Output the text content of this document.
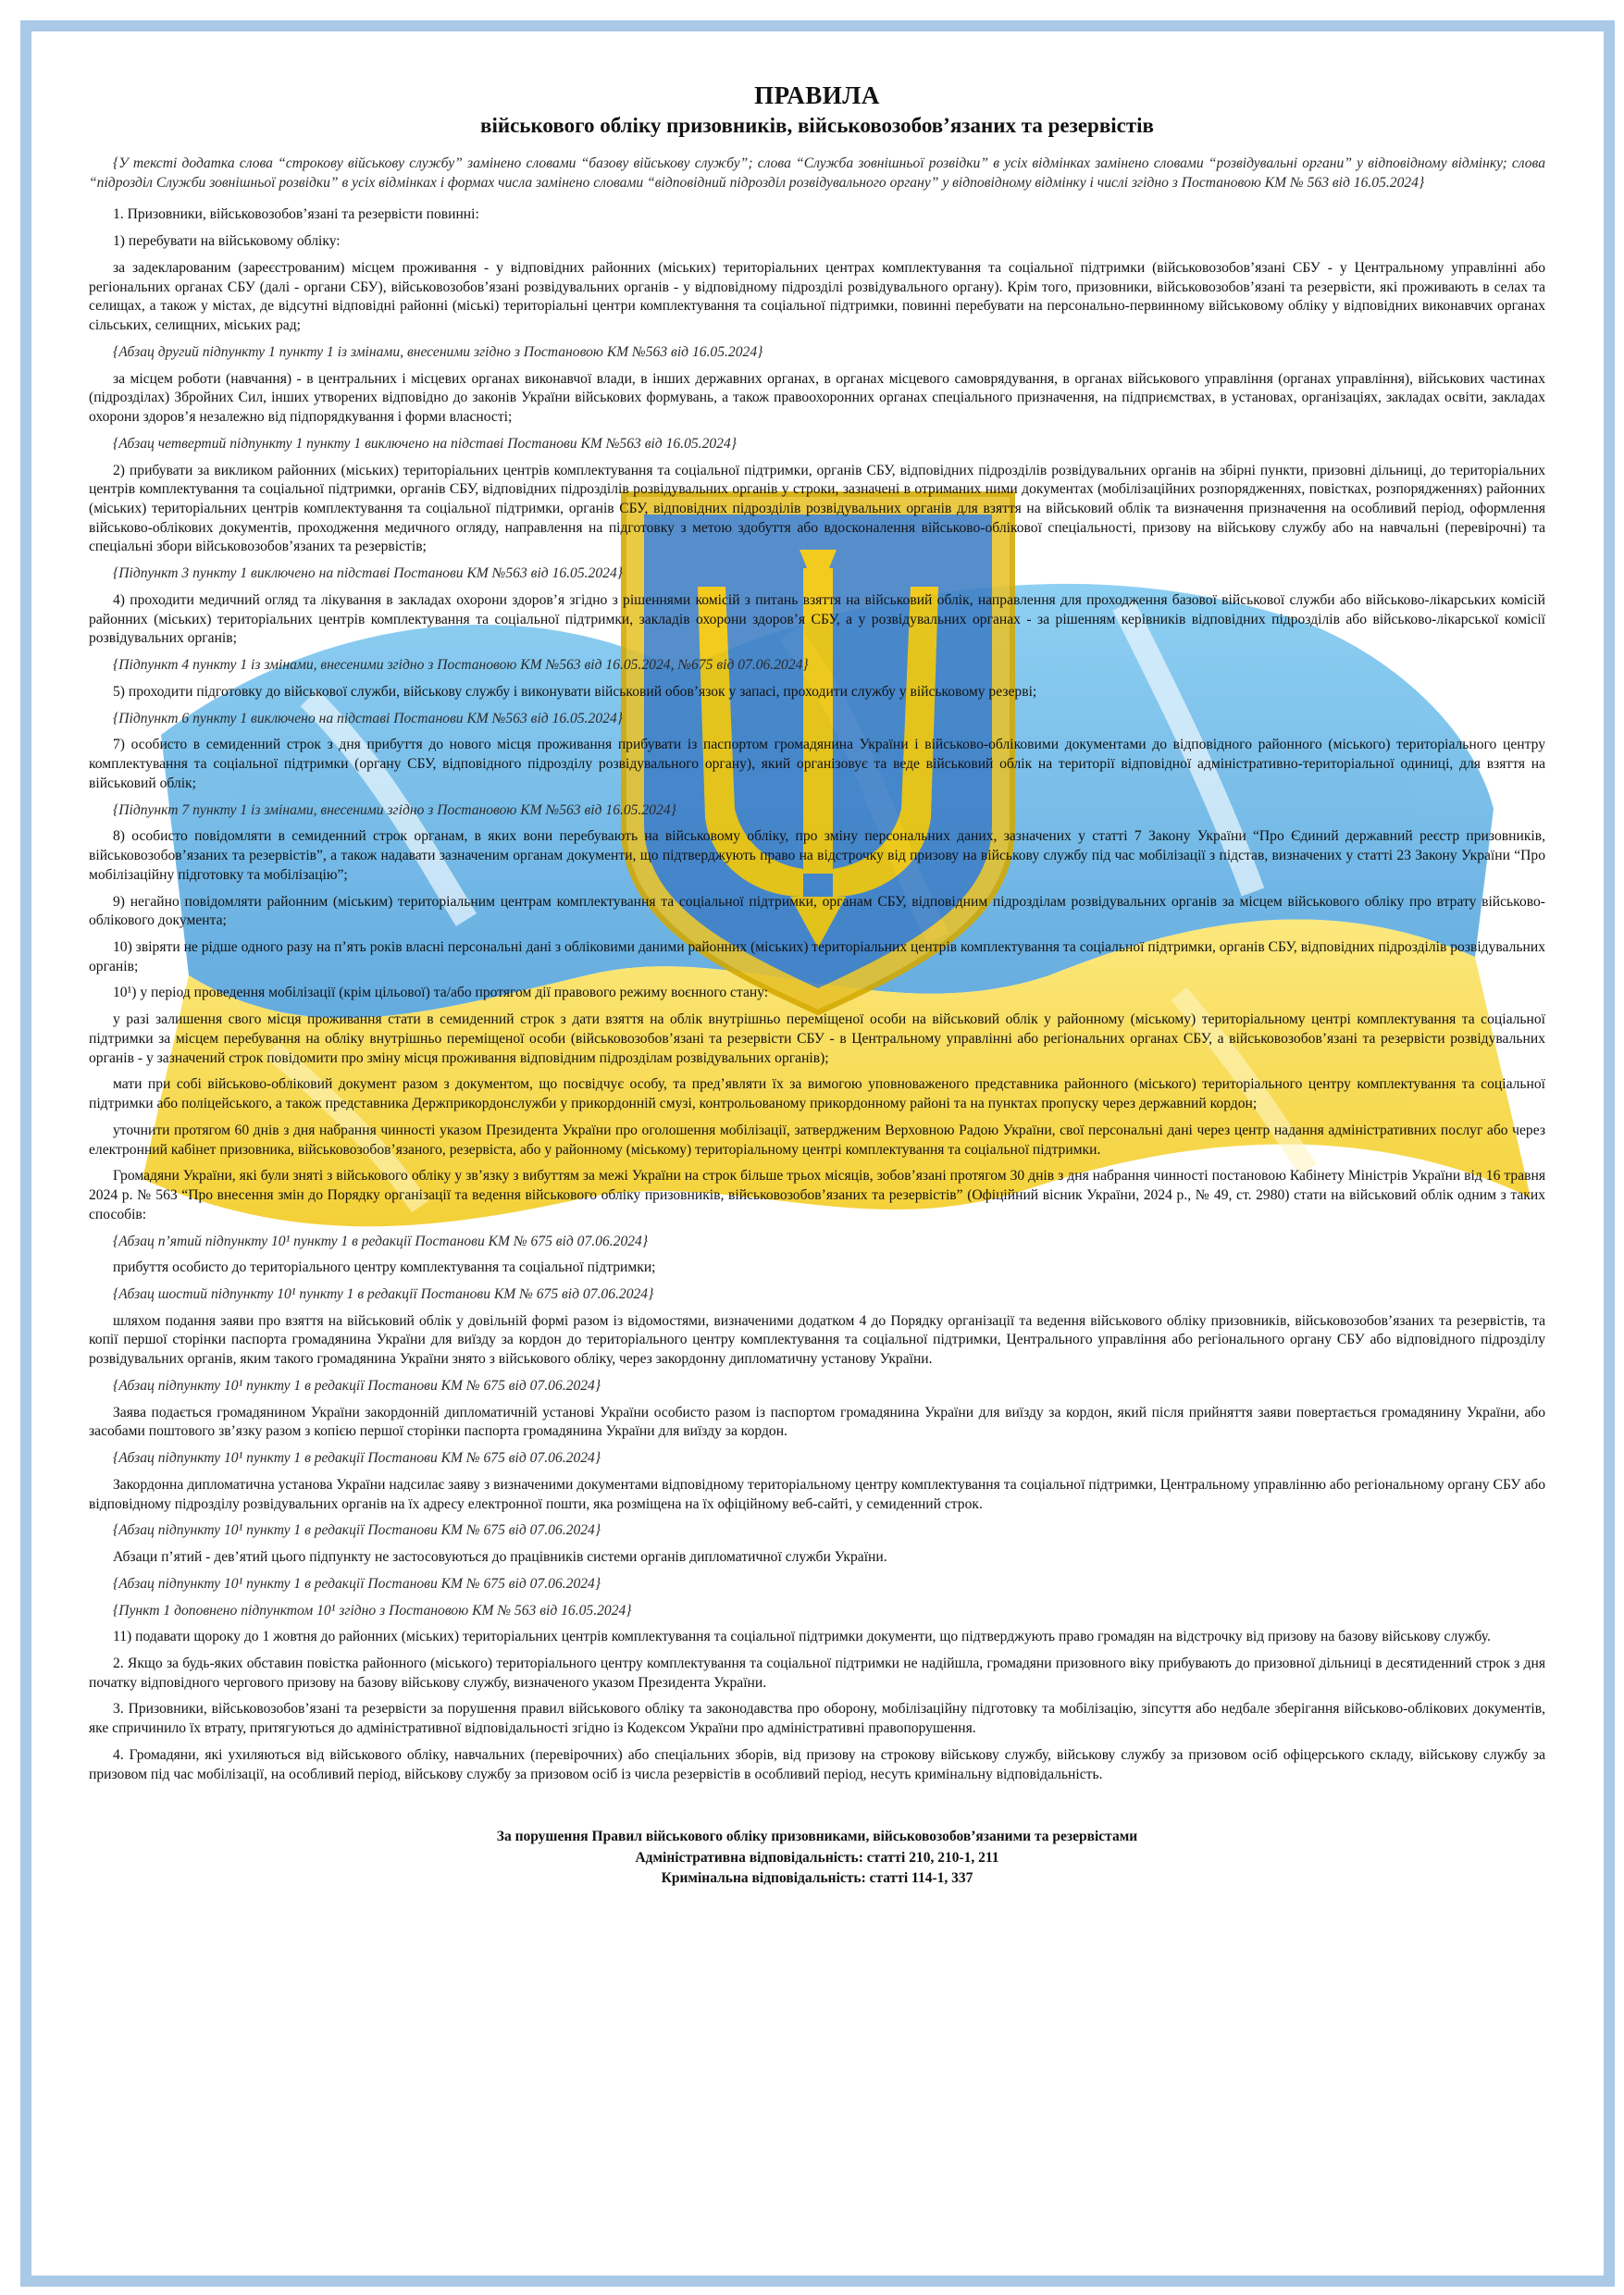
ПРАВИЛА
військового обліку призовників, військовозобов’язаних та резервістів

{У тексті додатка слова “строкову військову службу” замінено словами “базову військову службу”; слова “Служба зовнішньої розвідки” в усіх відмінках замінено словами “розвідувальні органи” у відповідному відмінку; слова “підрозділ Служби зовнішньої розвідки” в усіх відмінках і формах числа замінено словами “відповідний підрозділ розвідувального органу” у відповідному відмінку і числі згідно з Постановою КМ № 563 від 16.05.2024}

1. Призовники, військовозобов’язані та резервісти повинні:

1) перебувати на військовому обліку:

за задекларованим (зареєстрованим) місцем проживання - у відповідних районних (міських) територіальних центрах комплектування та соціальної підтримки (військовозобов’язані СБУ - у Центральному управлінні або регіональних органах СБУ (далі - органи СБУ), військовозобов’язані розвідувальних органів - у відповідному підрозділі розвідувального органу). Крім того, призовники, військовозобов’язані та резервісти, які проживають в селах та селищах, а також у містах, де відсутні відповідні районні (міські) територіальні центри комплектування та соціальної підтримки, повинні перебувати на персонально-первинному військовому обліку у відповідних виконавчих органах сільських, селищних, міських рад;

{Абзац другий підпункту 1 пункту 1 із змінами, внесеними згідно з Постановою КМ №563 від 16.05.2024}

за місцем роботи (навчання) - в центральних і місцевих органах виконавчої влади, в інших державних органах, в органах місцевого самоврядування, в органах військового управління (органах управління), військових частинах (підрозділах) Збройних Сил, інших утворених відповідно до законів України військових формувань, а також правоохоронних органах спеціального призначення, на підприємствах, в установах, організаціях, закладах освіти, закладах охорони здоров’я незалежно від підпорядкування і форми власності;

{Абзац четвертий підпункту 1 пункту 1 виключено на підставі Постанови КМ №563 від 16.05.2024}

2) прибувати за викликом районних (міських) територіальних центрів комплектування та соціальної підтримки, органів СБУ, відповідних підрозділів розвідувальних органів на збірні пункти, призовні дільниці, до територіальних центрів комплектування та соціальної підтримки, органів СБУ, відповідних підрозділів розвідувальних органів у строки, зазначені в отриманих ними документах (мобілізаційних розпорядженнях, повістках, розпорядженнях) районних (міських) територіальних центрів комплектування та соціальної підтримки, органів СБУ, відповідних підрозділів розвідувальних органів для взяття на військовий облік та визначення призначення на особливий період, оформлення військово-облікових документів, проходження медичного огляду, направлення на підготовку з метою здобуття або вдосконалення військово-облікової спеціальності, призову на військову службу або на навчальні (перевірочні) та спеціальні збори військовозобов’язаних та резервістів;

{Підпункт 3 пункту 1 виключено на підставі Постанови КМ №563 від 16.05.2024}

4) проходити медичний огляд та лікування в закладах охорони здоров’я згідно з рішеннями комісій з питань взяття на військовий облік, направлення для проходження базової військової служби або військово-лікарських комісій районних (міських) територіальних центрів комплектування та соціальної підтримки, закладів охорони здоров’я СБУ, а у розвідувальних органах - за рішенням керівників відповідних підрозділів або військово-лікарської комісії розвідувальних органів;

{Підпункт 4 пункту 1 із змінами, внесеними згідно з Постановою КМ №563 від 16.05.2024, №675 від 07.06.2024}

5) проходити підготовку до військової служби, військову службу і виконувати військовий обов’язок у запасі, проходити службу у військовому резерві;

{Підпункт 6 пункту 1 виключено на підставі Постанови КМ №563 від 16.05.2024}

7) особисто в семиденний строк з дня прибуття до нового місця проживання прибувати із паспортом громадянина України і військово-обліковими документами до відповідного районного (міського) територіального центру комплектування та соціальної підтримки (органу СБУ, відповідного підрозділу розвідувального органу), який організовує та веде військовий облік на території відповідної адміністративно-територіальної одиниці, для взяття на військовий облік;

{Підпункт 7 пункту 1 із змінами, внесеними згідно з Постановою КМ №563 від 16.05.2024}

8) особисто повідомляти в семиденний строк органам, в яких вони перебувають на військовому обліку, про зміну персональних даних, зазначених у статті 7 Закону України “Про Єдиний державний реєстр призовників, військовозобов’язаних та резервістів”, а також надавати зазначеним органам документи, що підтверджують право на відстрочку від призову на військову службу під час мобілізації з підстав, визначених у статті 23 Закону України “Про мобілізаційну підготовку та мобілізацію”;

9) негайно повідомляти районним (міським) територіальним центрам комплектування та соціальної підтримки, органам СБУ, відповідним підрозділам розвідувальних органів за місцем військового обліку про втрату військово-облікового документа;

10) звіряти не рідше одного разу на п’ять років власні персональні дані з обліковими даними районних (міських) територіальних центрів комплектування та соціальної підтримки, органів СБУ, відповідних підрозділів розвідувальних органів;

10¹) у період проведення мобілізації (крім цільової) та/або протягом дії правового режиму воєнного стану:

у разі залишення свого місця проживання стати в семиденний строк з дати взяття на облік внутрішньо переміщеної особи на військовий облік у районному (міському) територіальному центрі комплектування та соціальної підтримки за місцем перебування на обліку внутрішньо переміщеної особи (військовозобов’язані та резервісти СБУ - в Центральному управлінні або регіональних органах СБУ, а військовозобов’язані та резервісти розвідувальних органів - у зазначений строк повідомити про зміну місця проживання відповідним підрозділам розвідувальних органів);

мати при собі військово-обліковий документ разом з документом, що посвідчує особу, та пред’являти їх за вимогою уповноваженого представника районного (міського) територіального центру комплектування та соціальної підтримки або поліцейського, а також представника Держприкордонслужби у прикордонній смузі, контрольованому прикордонному районі та на пунктах пропуску через державний кордон;

уточнити протягом 60 днів з дня набрання чинності указом Президента України про оголошення мобілізації, затвердженим Верховною Радою України, свої персональні дані через центр надання адміністративних послуг або через електронний кабінет призовника, військовозобов’язаного, резервіста, або у районному (міському) територіальному центрі комплектування та соціальної підтримки.

Громадяни України, які були зняті з військового обліку у зв’язку з вибуттям за межі України на строк більше трьох місяців, зобов’язані протягом 30 днів з дня набрання чинності постановою Кабінету Міністрів України від 16 травня 2024 р. № 563 “Про внесення змін до Порядку організації та ведення військового обліку призовників, військовозобов’язаних та резервістів” (Офіційний вісник України, 2024 р., № 49, ст. 2980) стати на військовий облік одним з таких способів:

{Абзац п’ятий підпункту 10¹ пункту 1 в редакції Постанови КМ № 675 від 07.06.2024}

прибуття особисто до територіального центру комплектування та соціальної підтримки;

{Абзац шостий підпункту 10¹ пункту 1 в редакції Постанови КМ № 675 від 07.06.2024}

шляхом подання заяви про взяття на військовий облік у довільній формі разом із відомостями, визначеними додатком 4 до Порядку організації та ведення військового обліку призовників, військовозобов’язаних та резервістів, та копії першої сторінки паспорта громадянина України для виїзду за кордон до територіального центру комплектування та соціальної підтримки, Центрального управління або регіонального органу СБУ або відповідного підрозділу розвідувальних органів, яким такого громадянина України знято з військового обліку, через закордонну дипломатичну установу України.

{Абзац підпункту 10¹ пункту 1 в редакції Постанови КМ № 675 від 07.06.2024}

Заява подається громадянином України закордонній дипломатичній установі України особисто разом із паспортом громадянина України для виїзду за кордон, який після прийняття заяви повертається громадянину України, або засобами поштового зв’язку разом з копією першої сторінки паспорта громадянина України для виїзду за кордон.

{Абзац підпункту 10¹ пункту 1 в редакції Постанови КМ № 675 від 07.06.2024}

Закордонна дипломатична установа України надсилає заяву з визначеними документами відповідному територіальному центру комплектування та соціальної підтримки, Центральному управлінню або регіональному органу СБУ або відповідному підрозділу розвідувальних органів на їх адресу електронної пошти, яка розміщена на їх офіційному веб-сайті, у семиденний строк.

{Абзац підпункту 10¹ пункту 1 в редакції Постанови КМ № 675 від 07.06.2024}

Абзаци п’ятий - дев’ятий цього підпункту не застосовуються до працівників системи органів дипломатичної служби України.

{Абзац підпункту 10¹ пункту 1 в редакції Постанови КМ № 675 від 07.06.2024}

{Пункт 1 доповнено підпунктом 10¹ згідно з Постановою КМ № 563 від 16.05.2024}

11) подавати щороку до 1 жовтня до районних (міських) територіальних центрів комплектування та соціальної підтримки документи, що підтверджують право громадян на відстрочку від призову на базову військову службу.

2. Якщо за будь-яких обставин повістка районного (міського) територіального центру комплектування та соціальної підтримки не надійшла, громадяни призовного віку прибувають до призовної дільниці в десятиденний строк з дня початку відповідного чергового призову на базову військову службу, визначеного указом Президента України.

3. Призовники, військовозобов’язані та резервісти за порушення правил військового обліку та законодавства про оборону, мобілізаційну підготовку та мобілізацію, зіпсуття або недбале зберігання військово-облікових документів, яке спричинило їх втрату, притягуються до адміністративної відповідальності згідно із Кодексом України про адміністративні правопорушення.

4. Громадяни, які ухиляються від військового обліку, навчальних (перевірочних) або спеціальних зборів, від призову на строкову військову службу, військову службу за призовом осіб офіцерського складу, військову службу за призовом під час мобілізації, на особливий період, військову службу за призовом осіб із числа резервістів в особливий період, несуть кримінальну відповідальність.

За порушення Правил військового обліку призовниками, військовозобов’язаними та резервістами
Адміністративна відповідальність: статті 210, 210-1, 211
Кримінальна відповідальність: статті 114-1, 337
